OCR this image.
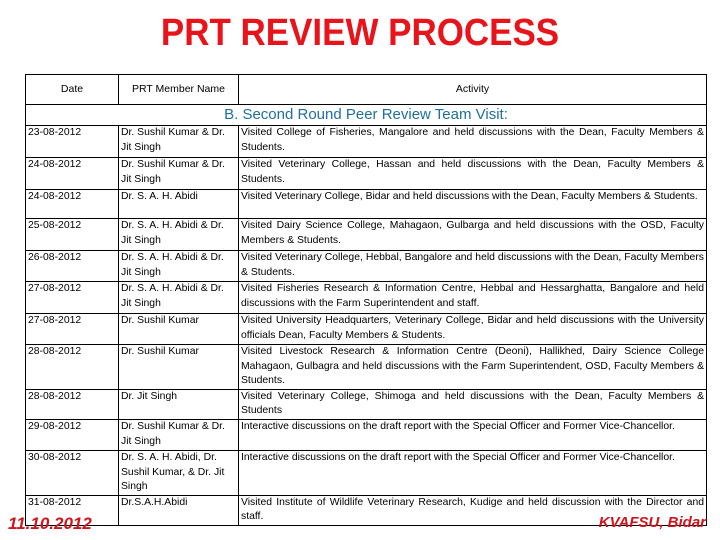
PRT REVIEW PROCESS
Date	PRT Member Name	Activity
B. Second Round Peer Review Team Visit:		
23-08-2012	Dr. Sushil Kumar & Dr. Jit Singh	Visited College of Fisheries, Mangalore and held discussions with the Dean, Faculty Members & Students.
24-08-2012	Dr. Sushil Kumar & Dr. Jit Singh	Visited Veterinary College, Hassan and held discussions with the Dean, Faculty Members & Students.
24-08-2012	Dr. S. A. H. Abidi	Visited Veterinary College, Bidar and held discussions with the Dean, Faculty Members & Students.
25-08-2012	Dr. S. A. H. Abidi & Dr. Jit Singh	Visited Dairy Science College, Mahagaon, Gulbarga and held discussions with the OSD, Faculty Members & Students.
26-08-2012	Dr. S. A. H. Abidi & Dr. Jit Singh	Visited Veterinary College, Hebbal, Bangalore and held discussions with the Dean, Faculty Members & Students.
27-08-2012	Dr. S. A. H. Abidi & Dr. Jit Singh	Visited Fisheries Research & Information Centre, Hebbal and Hessarghatta, Bangalore and held discussions with the Farm Superintendent and staff.
27-08-2012	Dr. Sushil Kumar	Visited University Headquarters, Veterinary College, Bidar and held discussions with the University officials Dean, Faculty Members & Students.
28-08-2012	Dr. Sushil Kumar	Visited Livestock Research & Information Centre (Deoni), Hallikhed, Dairy Science College Mahagaon, Gulbagra and held discussions with the Farm Superintendent, OSD, Faculty Members & Students.
28-08-2012	Dr. Jit Singh	Visited Veterinary College, Shimoga and held discussions with the Dean, Faculty Members & Students
29-08-2012	Dr. Sushil Kumar & Dr. Jit Singh	Interactive discussions on the draft report with the Special Officer and Former Vice-Chancellor.
30-08-2012	Dr. S. A. H. Abidi, Dr. Sushil Kumar, & Dr. Jit Singh	Interactive discussions on the draft report with the Special Officer and Former Vice-Chancellor.
31-08-2012	Dr.S.A.H.Abidi	Visited Institute of Wildlife Veterinary Research, Kudige and held discussion with the Director and staff.
11.10.2012	KVAFSU, Bidar
